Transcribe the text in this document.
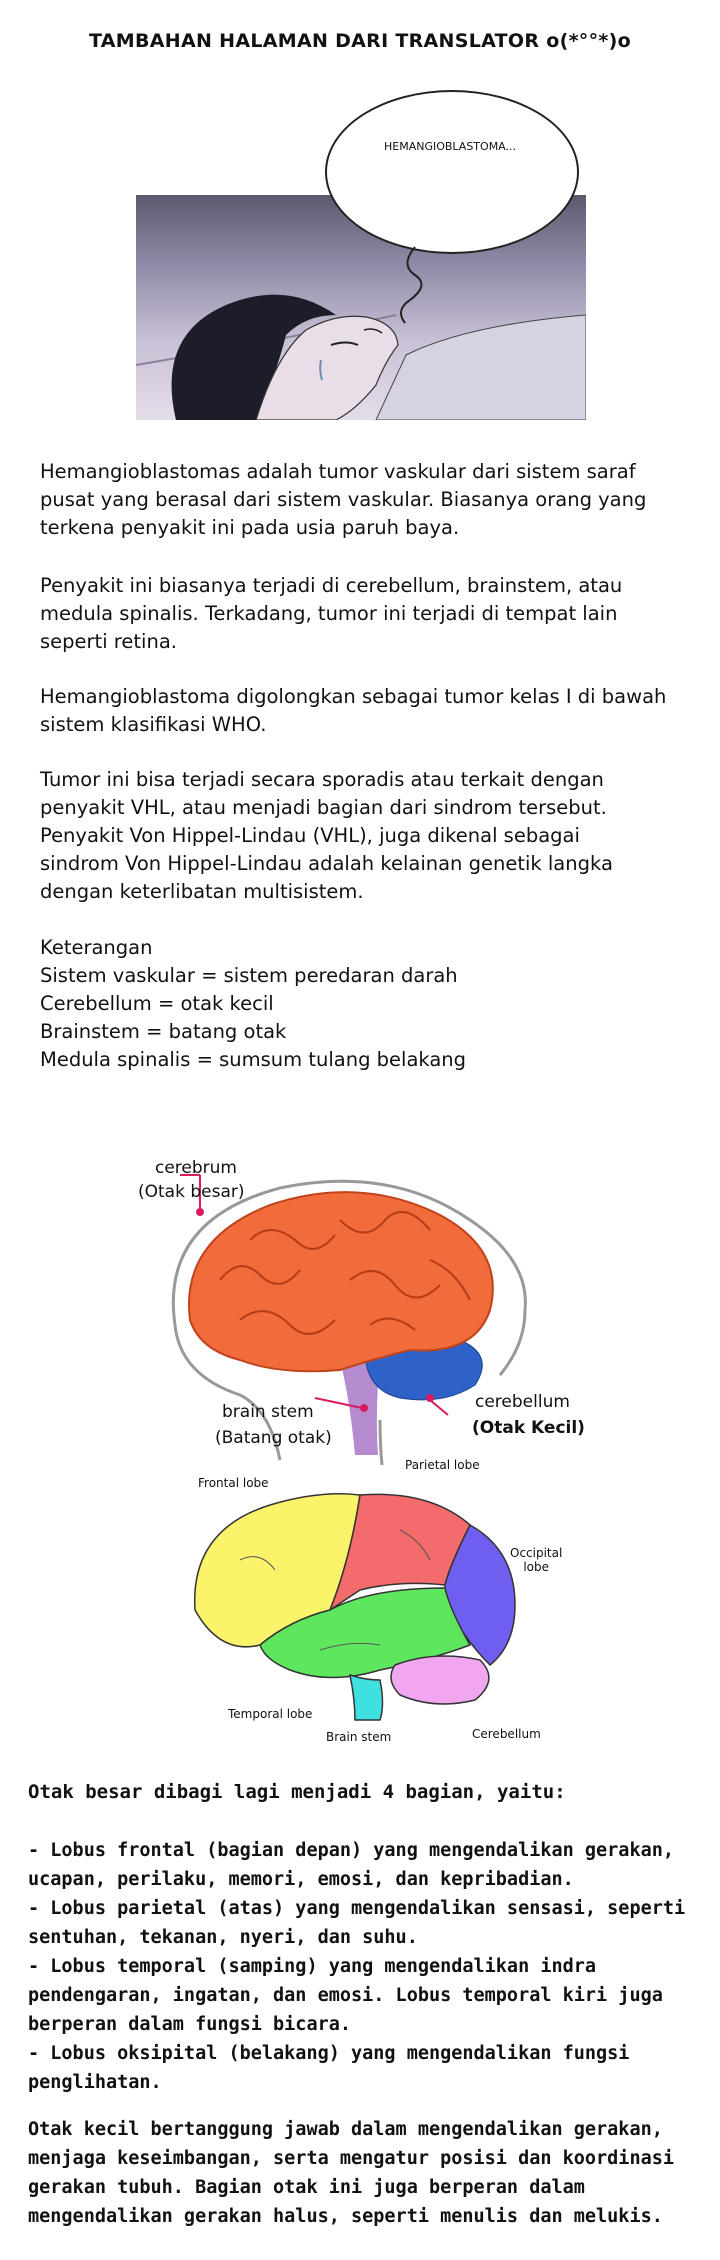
TAMBAHAN HALAMAN DARI TRANSLATOR o(*°°*)o
HEMANGIOBLASTOMA...
Hemangioblastomas adalah tumor vaskular dari sistem saraf
pusat yang berasal dari sistem vaskular. Biasanya orang yang
terkena penyakit ini pada usia paruh baya.
Penyakit ini biasanya terjadi di cerebellum, brainstem, atau
medula spinalis. Terkadang, tumor ini terjadi di tempat lain
seperti retina.
Hemangioblastoma digolongkan sebagai tumor kelas I di bawah
sistem klasifikasi WHO.
Tumor ini bisa terjadi secara sporadis atau terkait dengan
penyakit VHL, atau menjadi bagian dari sindrom tersebut.
Penyakit Von Hippel-Lindau (VHL), juga dikenal sebagai
sindrom Von Hippel-Lindau adalah kelainan genetik langka
dengan keterlibatan multisistem.
Keterangan
Sistem vaskular = sistem peredaran darah
Cerebellum = otak kecil
Brainstem = batang otak
Medula spinalis = sumsum tulang belakang
cerebrum
(Otak besar)
brain stem
(Batang otak)
cerebellum
(Otak Kecil)
Frontal lobe
Parietal lobe
Occipital
lobe
Temporal lobe
Brain stem	Cerebellum
Otak besar dibagi lagi menjadi 4 bagian, yaitu:
- Lobus frontal (bagian depan) yang mengendalikan gerakan,
ucapan, perilaku, memori, emosi, dan kepribadian.
- Lobus parietal (atas) yang mengendalikan sensasi, seperti
sentuhan, tekanan, nyeri, dan suhu.
- Lobus temporal (samping) yang mengendalikan indra
pendengaran, ingatan, dan emosi. Lobus temporal kiri juga
berperan dalam fungsi bicara.
- Lobus oksipital (belakang) yang mengendalikan fungsi
penglihatan.
Otak kecil bertanggung jawab dalam mengendalikan gerakan,
menjaga keseimbangan, serta mengatur posisi dan koordinasi
gerakan tubuh. Bagian otak ini juga berperan dalam
mengendalikan gerakan halus, seperti menulis dan melukis.
